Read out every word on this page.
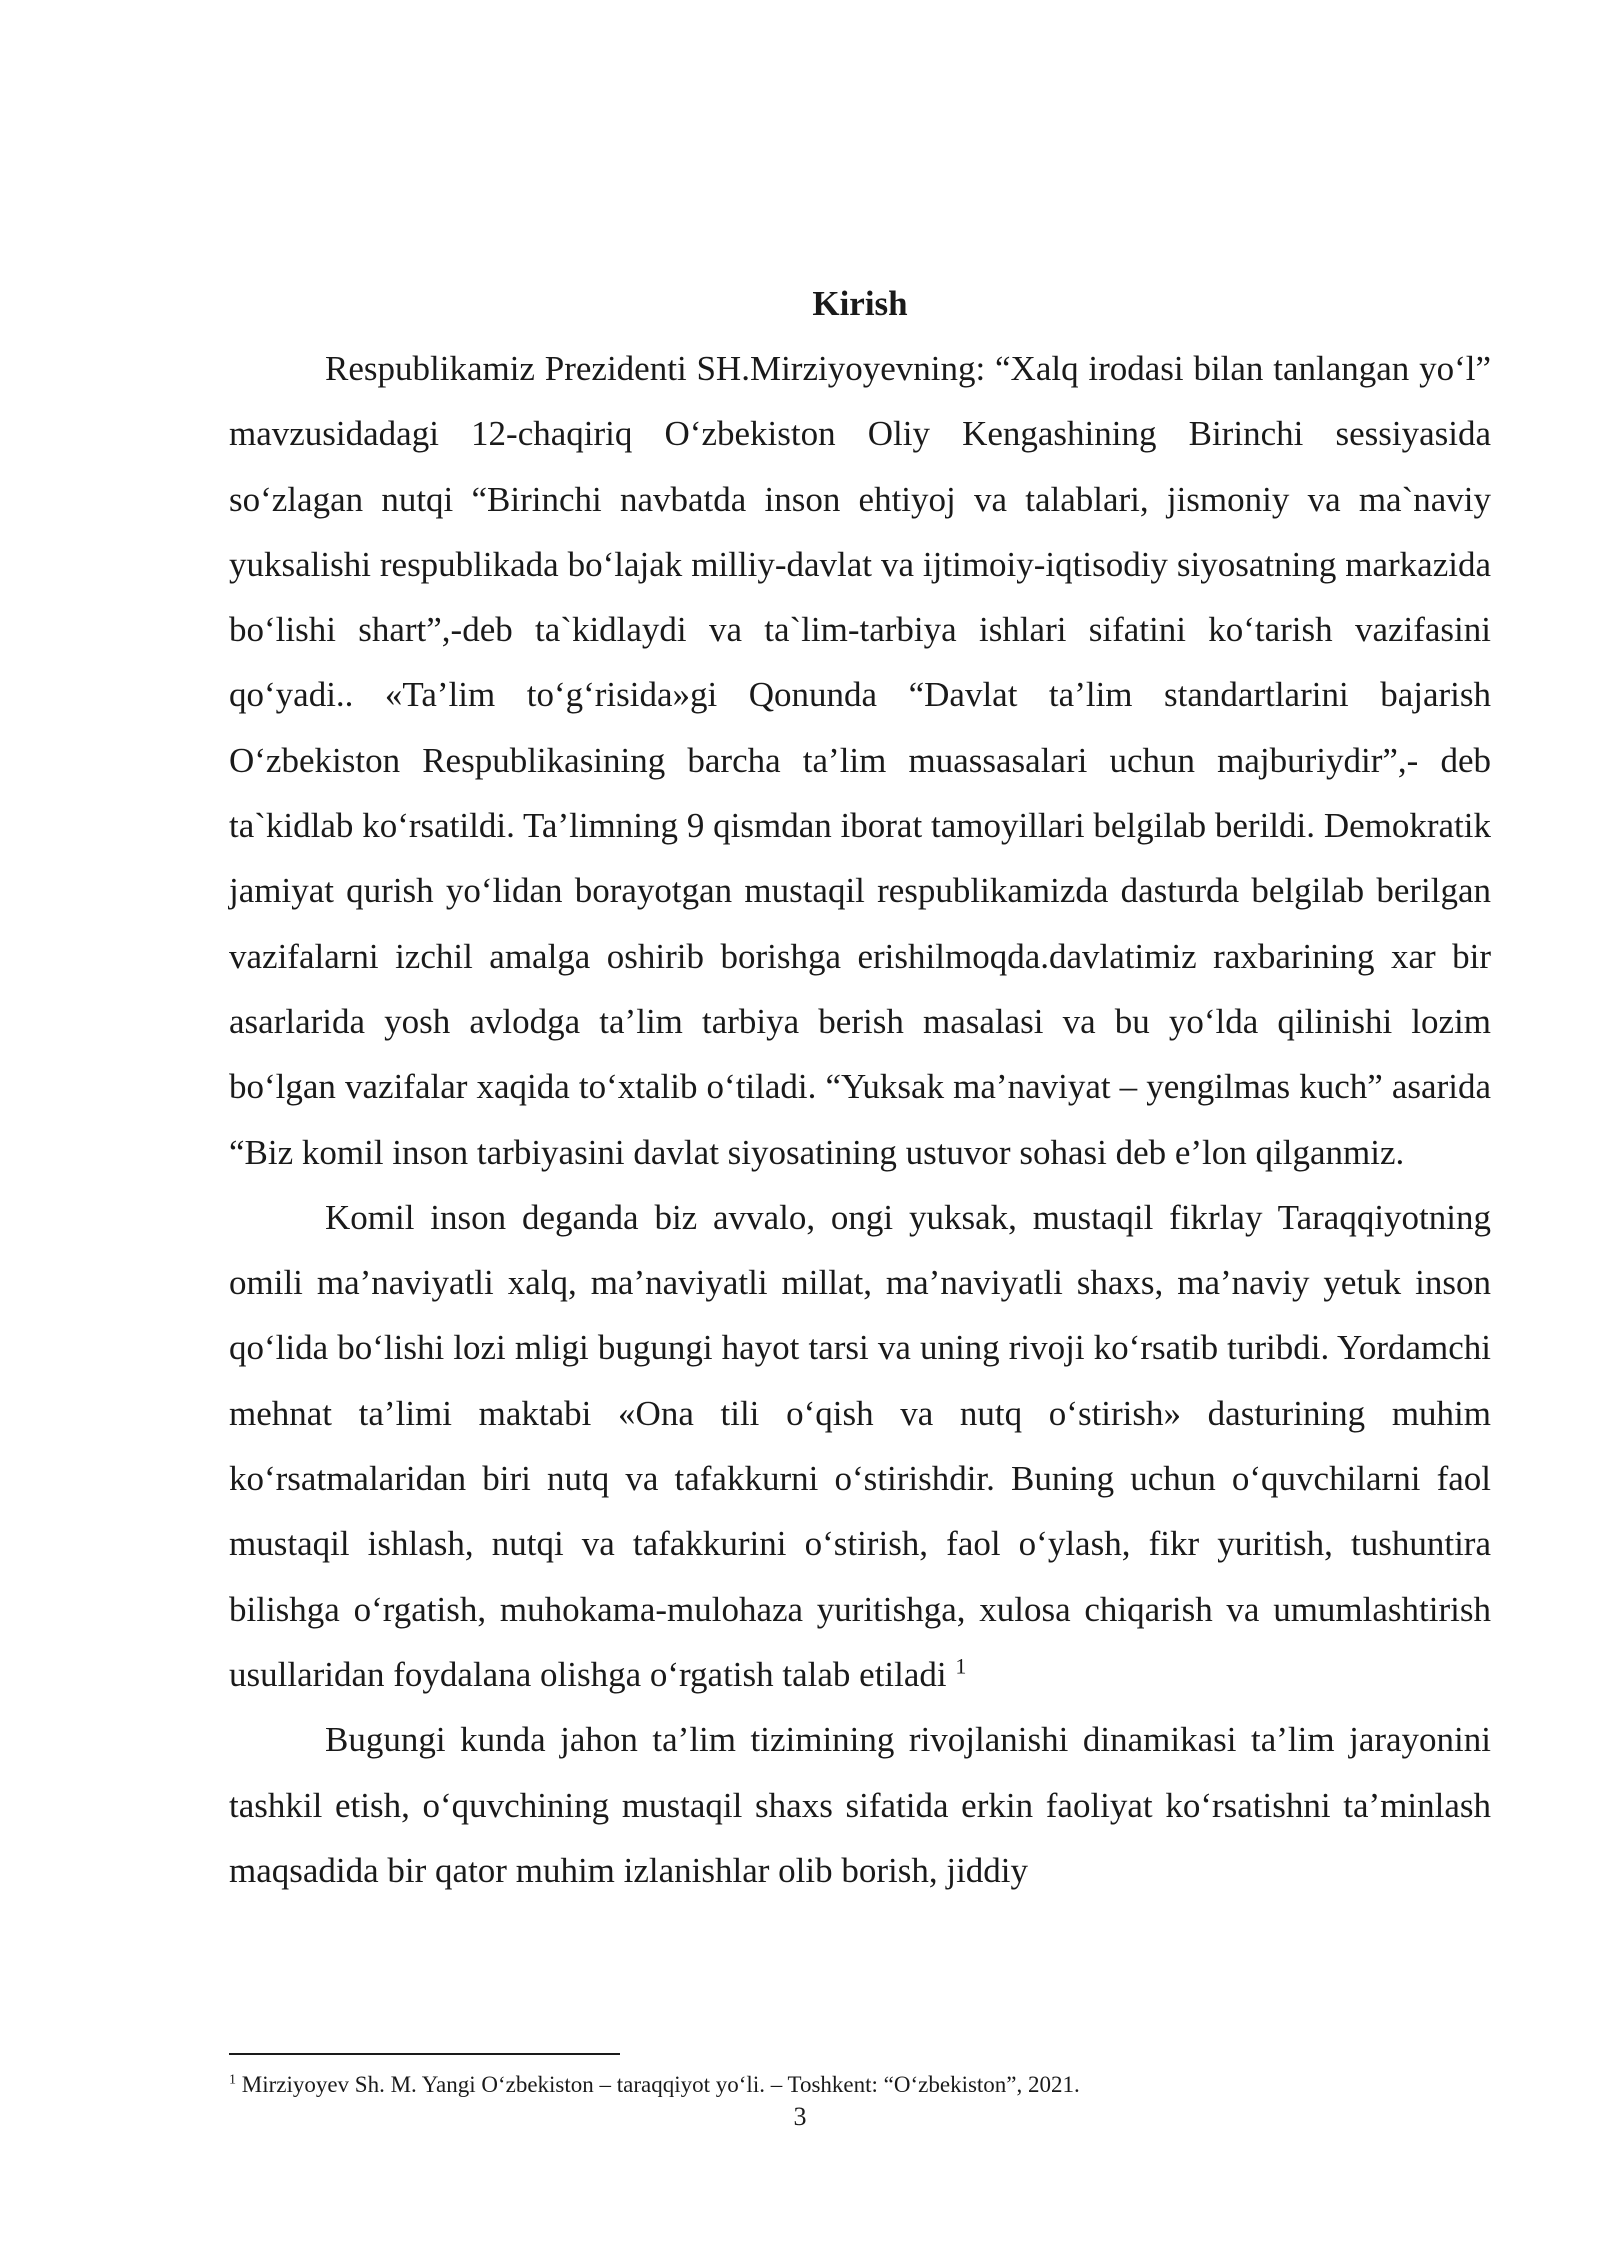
Kirish

Respublikamiz Prezidenti SH.Mirziyoyevning: “Xalq irodasi bilan tanlangan yo‘l” mavzusidadagi 12-chaqiriq O‘zbekiston Oliy Kengashining Birinchi sessiyasida so‘zlagan nutqi “Birinchi navbatda inson ehtiyoj va talablari, jismoniy va ma`naviy yuksalishi respublikada bo‘lajak milliy-davlat va ijtimoiy-iqtisodiy siyosatning markazida bo‘lishi shart”,-deb ta`kidlaydi va ta`lim-tarbiya ishlari sifatini ko‘tarish vazifasini qo‘yadi.. «Ta’lim to‘g‘risida»gi Qonunda “Davlat ta’lim standartlarini bajarish O‘zbekiston Respublikasining barcha ta’lim muassasalari uchun majburiydir”,- deb ta`kidlab ko‘rsatildi. Ta’limning 9 qismdan iborat tamoyillari belgilab berildi. Demokratik jamiyat qurish yo‘lidan borayotgan mustaqil respublikamizda dasturda belgilab berilgan vazifalarni izchil amalga oshirib borishga erishilmoqda.davlatimiz raxbarining xar bir asarlarida yosh avlodga ta’lim tarbiya berish masalasi va bu yo‘lda qilinishi lozim bo‘lgan vazifalar xaqida to‘xtalib o‘tiladi. “Yuksak ma’naviyat – yengilmas kuch” asarida “Biz komil inson tarbiyasini davlat siyosatining ustuvor sohasi deb e’lon qilganmiz.

Komil inson deganda biz avvalo, ongi yuksak, mustaqil fikrlay Taraqqiyotning omili ma’naviyatli xalq, ma’naviyatli millat, ma’naviyatli shaxs, ma’naviy yetuk inson qo‘lida bo‘lishi lozi mligi bugungi hayot tarsi va uning rivoji ko‘rsatib turibdi. Yordamchi mehnat ta’limi maktabi «Ona tili o‘qish va nutq o‘stirish» dasturining muhim ko‘rsatmalaridan biri nutq va tafakkurni o‘stirishdir. Buning uchun o‘quvchilarni faol mustaqil ishlash, nutqi va tafakkurini o‘stirish, faol o‘ylash, fikr yuritish, tushuntira bilishga o‘rgatish, muhokama-mulohaza yuritishga, xulosa chiqarish va umumlashtirish usullaridan foydalana olishga o‘rgatish talab etiladi $^1$

Bugungi kunda jahon ta’lim tizimining rivojlanishi dinamikasi ta’lim jarayonini tashkil etish, o‘quvchining mustaqil shaxs sifatida erkin faoliyat ko‘rsatishni ta’minlash maqsadida bir qator muhim izlanishlar olib borish, jiddiy

$^1$ Mirziyoyev Sh. M. Yangi O‘zbekiston – taraqqiyot yo‘li. – Toshkent: “O‘zbekiston”, 2021.
3
